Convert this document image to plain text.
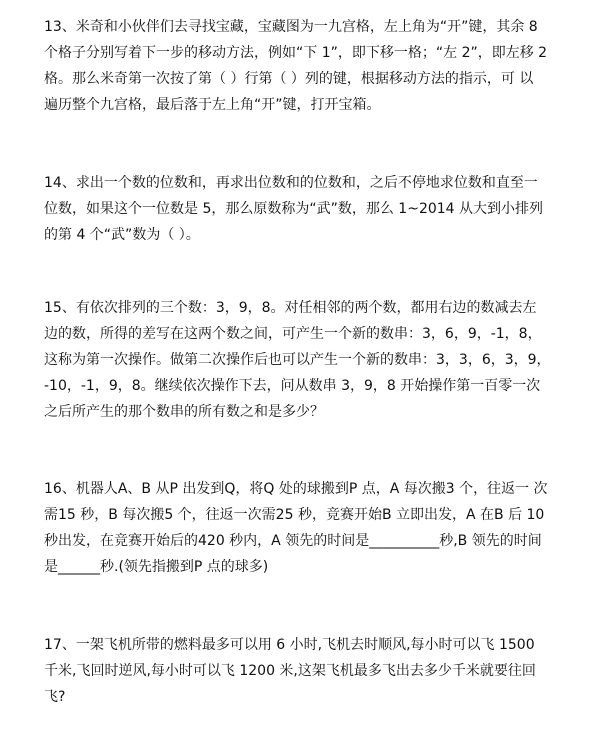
13、米奇和小伙伴们去寻找宝藏，宝藏图为一九宫格，左上角为“开”键，其余 8
个格子分别写着下一步的移动方法，例如“下 1”，即下移一格；“左 2”，即左移 2
格。那么米奇第一次按了第（ ）行第（ ）列的键，根据移动方法的指示，可 以
遍历整个九宫格，最后落于左上角“开”键，打开宝箱。
14、求出一个数的位数和，再求出位数和的位数和，之后不停地求位数和直至一
位数，如果这个一位数是 5，那么原数称为“武”数，那么 1~2014 从大到小排列
的第 4 个“武”数为（ ）。
15、有依次排列的三个数：3，9，8。对任相邻的两个数，都用右边的数减去左
边的数，所得的差写在这两个数之间，可产生一个新的数串：3，6，9，-1，8，
这称为第一次操作。做第二次操作后也可以产生一个新的数串：3，3，6，3，9，
-10，-1，9，8。继续依次操作下去，问从数串 3，9，8 开始操作第一百零一次
之后所产生的那个数串的所有数之和是多少？
16、机器人A、B 从P 出发到Q，将Q 处的球搬到P 点，A 每次搬3 个，往返一 次
需15 秒，B 每次搬5 个，往返一次需25 秒，竞赛开始B 立即出发，A 在B 后 10
秒出发，在竞赛开始后的420 秒内，A 领先的时间是__________秒,B 领先的时间
是______秒.(领先指搬到P 点的球多)
17、一架飞机所带的燃料最多可以用 6 小时,飞机去时顺风,每小时可以飞 1500
千米,飞回时逆风,每小时可以飞 1200 米,这架飞机最多飞出去多少千米就要往回
飞?
